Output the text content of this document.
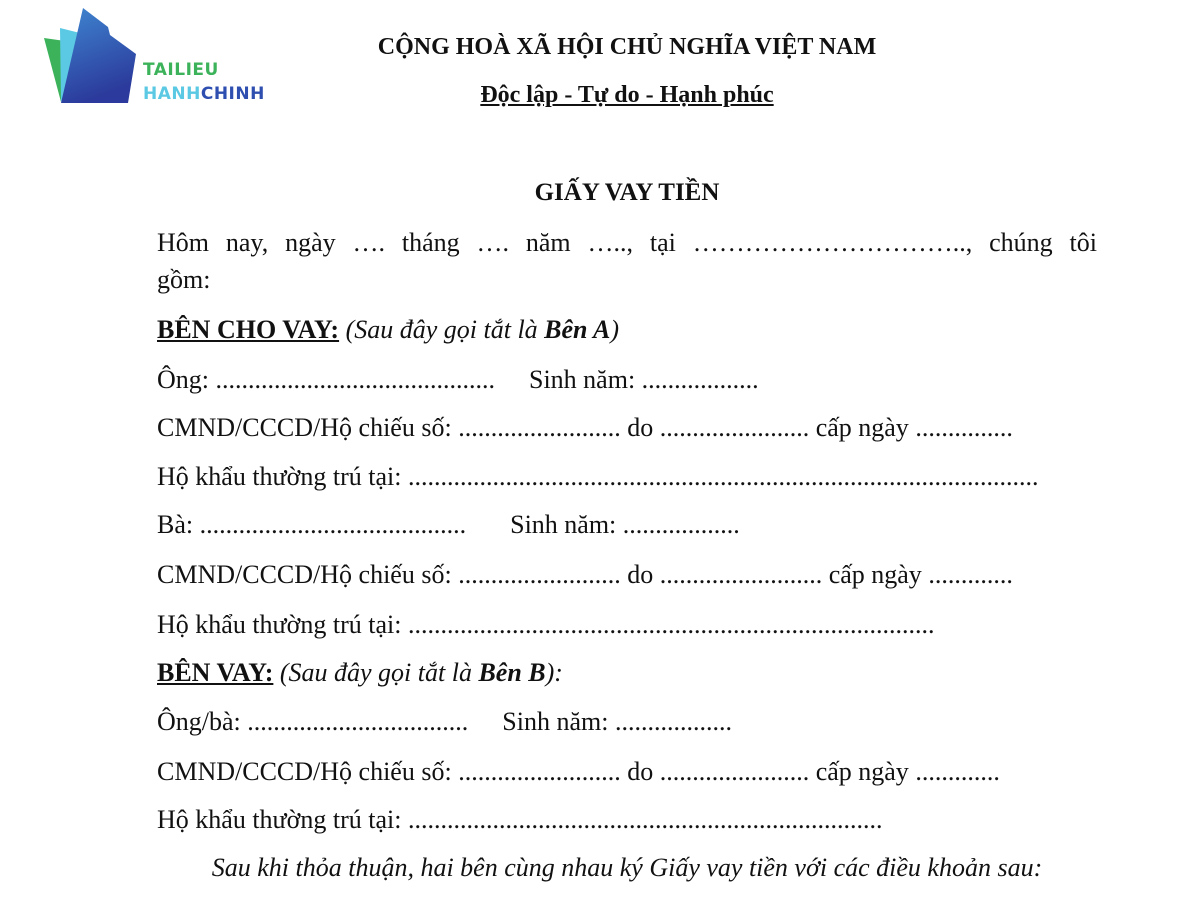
TAILIEU
HANHCHINH
CỘNG HOÀ XÃ HỘI CHỦ NGHĨA VIỆT NAM
Độc lập - Tự do - Hạnh phúc
GIẤY VAY TIỀN
Hôm nay, ngày …. tháng …. năm ….., tại ………………………….., chúng tôi
gồm:
BÊN CHO VAY: (Sau đây gọi tắt là Bên A)
Ông: ........................................... Sinh năm: ..................
CMND/CCCD/Hộ chiếu số: ......................... do ....................... cấp ngày ...............
Hộ khẩu thường trú tại: .................................................................................................
Bà: ......................................... Sinh năm: ..................
CMND/CCCD/Hộ chiếu số: ......................... do ......................... cấp ngày .............
Hộ khẩu thường trú tại: .................................................................................
BÊN VAY: (Sau đây gọi tắt là Bên B):
Ông/bà: .................................. Sinh năm: ..................
CMND/CCCD/Hộ chiếu số: ......................... do ....................... cấp ngày .............
Hộ khẩu thường trú tại: .........................................................................
Sau khi thỏa thuận, hai bên cùng nhau ký Giấy vay tiền với các điều khoản sau:
